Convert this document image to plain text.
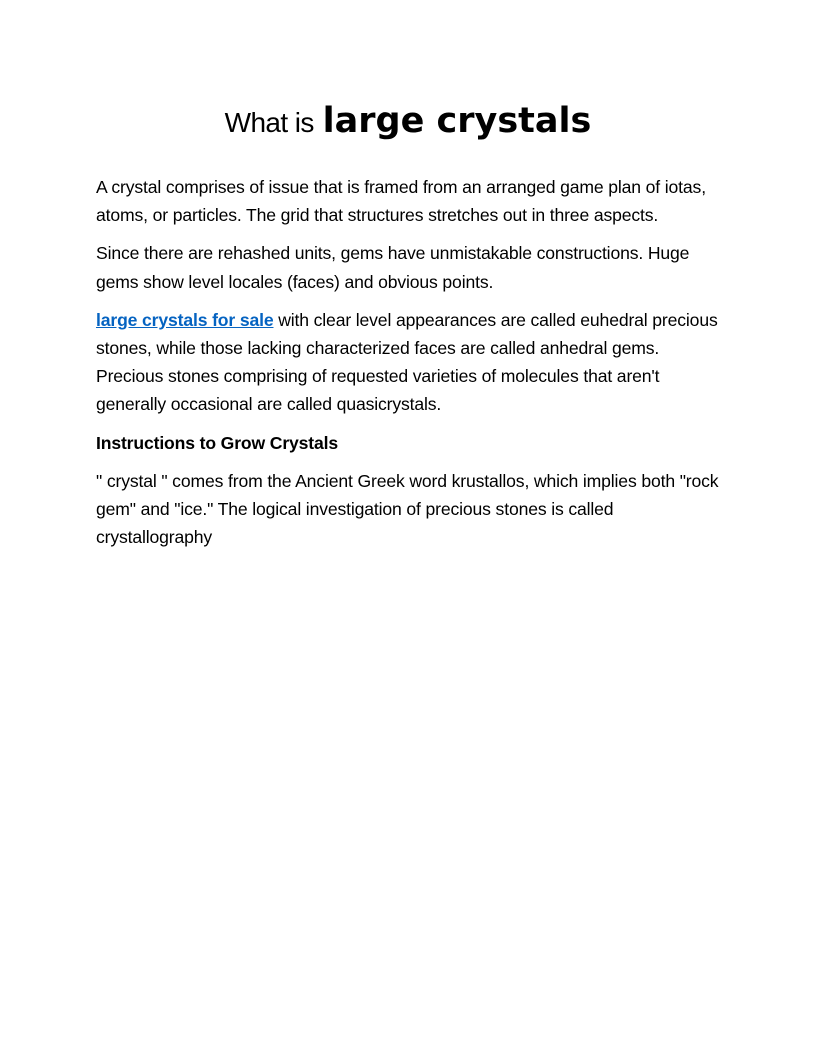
What is large crystals

A crystal comprises of issue that is framed from an arranged game plan of iotas, atoms, or particles. The grid that structures stretches out in three aspects.

Since there are rehashed units, gems have unmistakable constructions. Huge gems show level locales (faces) and obvious points.

large crystals for sale with clear level appearances are called euhedral precious stones, while those lacking characterized faces are called anhedral gems. Precious stones comprising of requested varieties of molecules that aren't generally occasional are called quasicrystals.

Instructions to Grow Crystals

" crystal " comes from the Ancient Greek word krustallos, which implies both "rock gem" and "ice." The logical investigation of precious stones is called crystallography
